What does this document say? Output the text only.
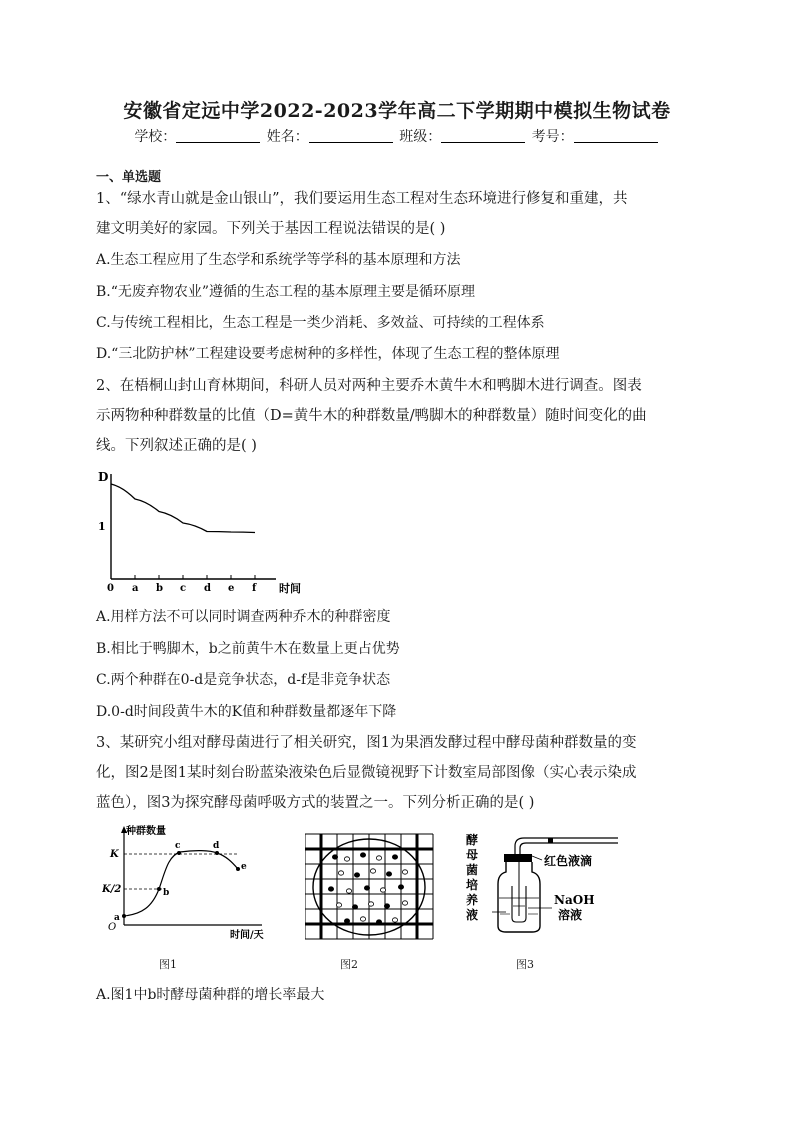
安徽省定远中学2022-2023学年高二下学期期中模拟生物试卷
学校：	姓名：	班级：	考号：
一、单选题
1、“绿水青山就是金山银山”，我们要运用生态工程对生态环境进行修复和重建，共
建文明美好的家园。下列关于基因工程说法错误的是( )
A.生态工程应用了生态学和系统学等学科的基本原理和方法
B.“无废弃物农业”遵循的生态工程的基本原理主要是循环原理
C.与传统工程相比，生态工程是一类少消耗、多效益、可持续的工程体系
D.“三北防护林”工程建设要考虑树种的多样性，体现了生态工程的整体原理
2、在梧桐山封山育林期间，科研人员对两种主要乔木黄牛木和鸭脚木进行调查。图表
示两物种种群数量的比值（D=黄牛木的种群数量/鸭脚木的种群数量）随时间变化的曲
线。下列叙述正确的是( )
D
1
时间
0 a b c d e f
A.用样方法不可以同时调查两种乔木的种群密度
B.相比于鸭脚木，b之前黄牛木在数量上更占优势
C.两个种群在0-d是竞争状态，d-f是非竞争状态
D.0-d时间段黄牛木的K值和种群数量都逐年下降
3、某研究小组对酵母菌进行了相关研究，图1为果酒发酵过程中酵母菌种群数量的变
化，图2是图1某时刻台盼蓝染液染色后显微镜视野下计数室局部图像（实心表示染成
蓝色），图3为探究酵母菌呼吸方式的装置之一。下列分析正确的是( )
种群数量
时间/天
O
K
K/2
a
b
c	d
e
图1	图2
酵母菌培养液
红色液滴
NaOH
溶液
图3
A.图1中b时酵母菌种群的增长率最大
